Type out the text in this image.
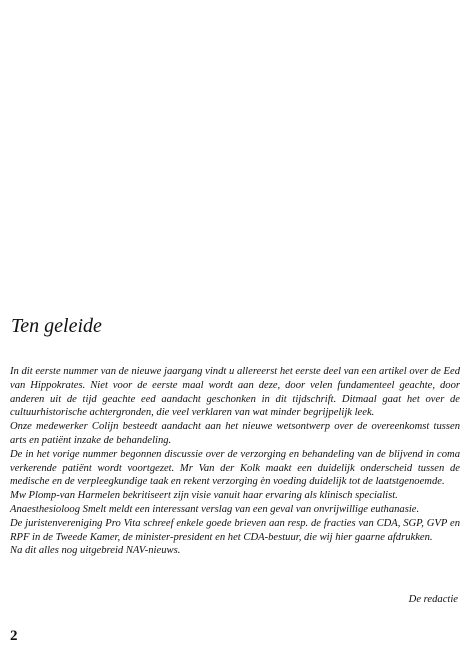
Ten geleide

In dit eerste nummer van de nieuwe jaargang vindt u allereerst het eerste deel van een artikel over de Eed van Hippokrates. Niet voor de eerste maal wordt aan deze, door velen fundamenteel geachte, door anderen uit de tijd geachte eed aandacht geschonken in dit tijdschrift. Ditmaal gaat het over de cultuurhistorische achtergronden, die veel verklaren van wat minder begrijpelijk leek.

Onze medewerker Colijn besteedt aandacht aan het nieuwe wetsontwerp over de overeenkomst tussen arts en patiënt inzake de behandeling.

De in het vorige nummer begonnen discussie over de verzorging en behandeling van de blijvend in coma verkerende patiënt wordt voortgezet. Mr Van der Kolk maakt een duidelijk onderscheid tussen de medische en de verpleegkundige taak en rekent verzorging èn voeding duidelijk tot de laatstgenoemde.

Mw Plomp-van Harmelen bekritiseert zijn visie vanuit haar ervaring als klinisch specialist.

Anaesthesioloog Smelt meldt een interessant verslag van een geval van onvrijwillige euthanasie.

De juristenvereniging Pro Vita schreef enkele goede brieven aan resp. de fracties van CDA, SGP, GVP en RPF in de Tweede Kamer, de minister-president en het CDA-bestuur, die wij hier gaarne afdrukken.

Na dit alles nog uitgebreid NAV-nieuws.

De redactie

2
